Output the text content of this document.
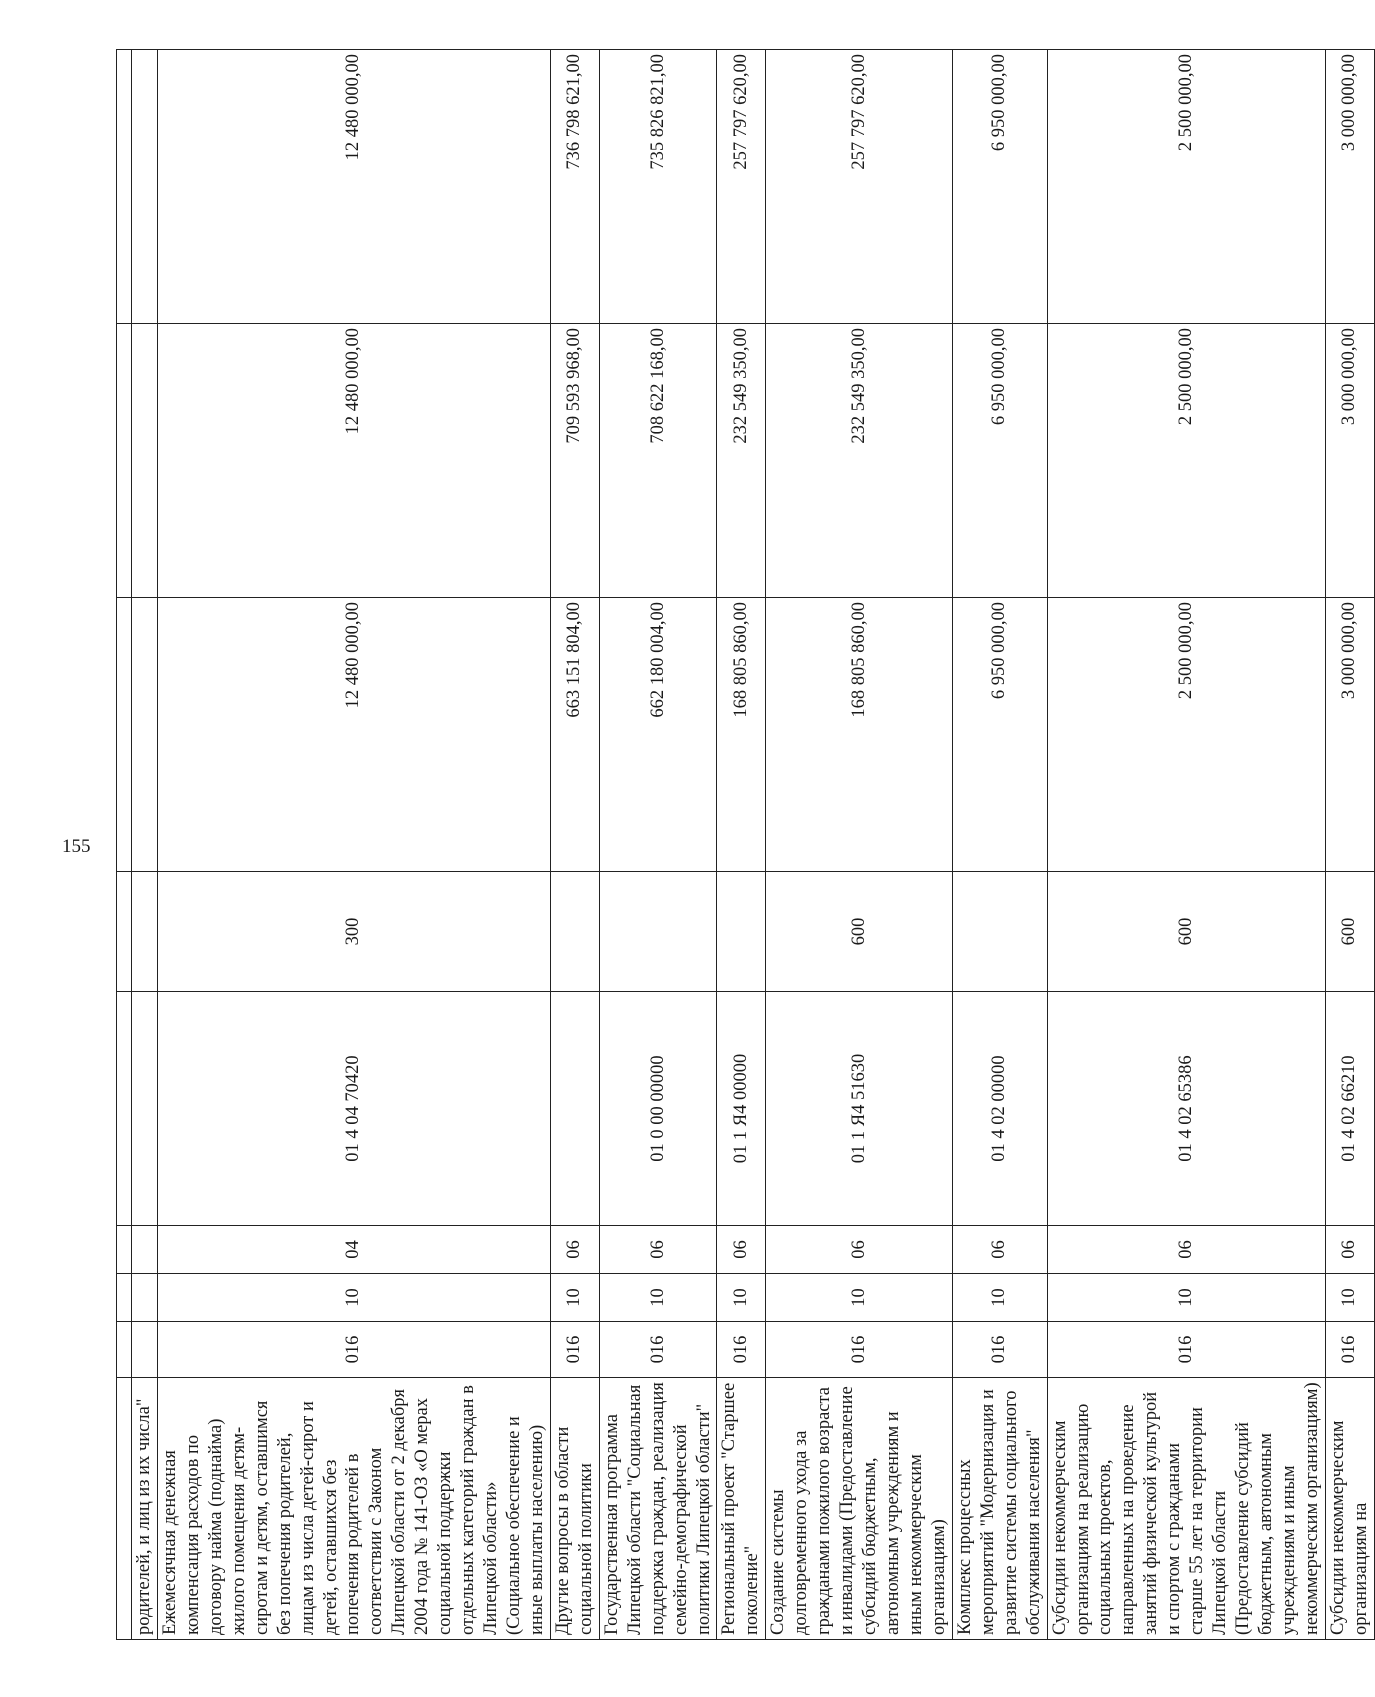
155

родителей, и лиц из их числа"								
Ежемесячная денежная компенсация расходов по договору найма (поднайма) жилого помещения детям-сиротам и детям, оставшимся без попечения родителей, лицам из числа детей-сирот и детей, оставшихся без попечения родителей в соответствии с Законом Липецкой области от 2 декабря 2004 года № 141-ОЗ «О мерах социальной поддержки отдельных категорий граждан в Липецкой области» (Социальное обеспечение и иные выплаты населению)	016	10	04	01 4 04 70420	300	12 480 000,00	12 480 000,00	12 480 000,00
Другие вопросы в области социальной политики	016	10	06			663 151 804,00	709 593 968,00	736 798 621,00
Государственная программа Липецкой области "Социальная поддержка граждан, реализация семейно-демографической политики Липецкой области"	016	10	06	01 0 00 00000		662 180 004,00	708 622 168,00	735 826 821,00
Региональный проект "Старшее поколение"	016	10	06	01 1 Я4 00000		168 805 860,00	232 549 350,00	257 797 620,00
Создание системы долговременного ухода за гражданами пожилого возраста и инвалидами (Предоставление субсидий бюджетным, автономным учреждениям и иным некоммерческим организациям)	016	10	06	01 1 Я4 51630	600	168 805 860,00	232 549 350,00	257 797 620,00
Комплекс процессных мероприятий "Модернизация и развитие системы социального обслуживания населения"	016	10	06	01 4 02 00000		6 950 000,00	6 950 000,00	6 950 000,00
Субсидии некоммерческим организациям на реализацию социальных проектов, направленных на проведение занятий физической культурой и спортом с гражданами старше 55 лет на территории Липецкой области (Предоставление субсидий бюджетным, автономным учреждениям и иным некоммерческим организациям)	016	10	06	01 4 02 65386	600	2 500 000,00	2 500 000,00	2 500 000,00
Субсидии некоммерческим организациям на	016	10	06	01 4 02 66210	600	3 000 000,00	3 000 000,00	3 000 000,00
